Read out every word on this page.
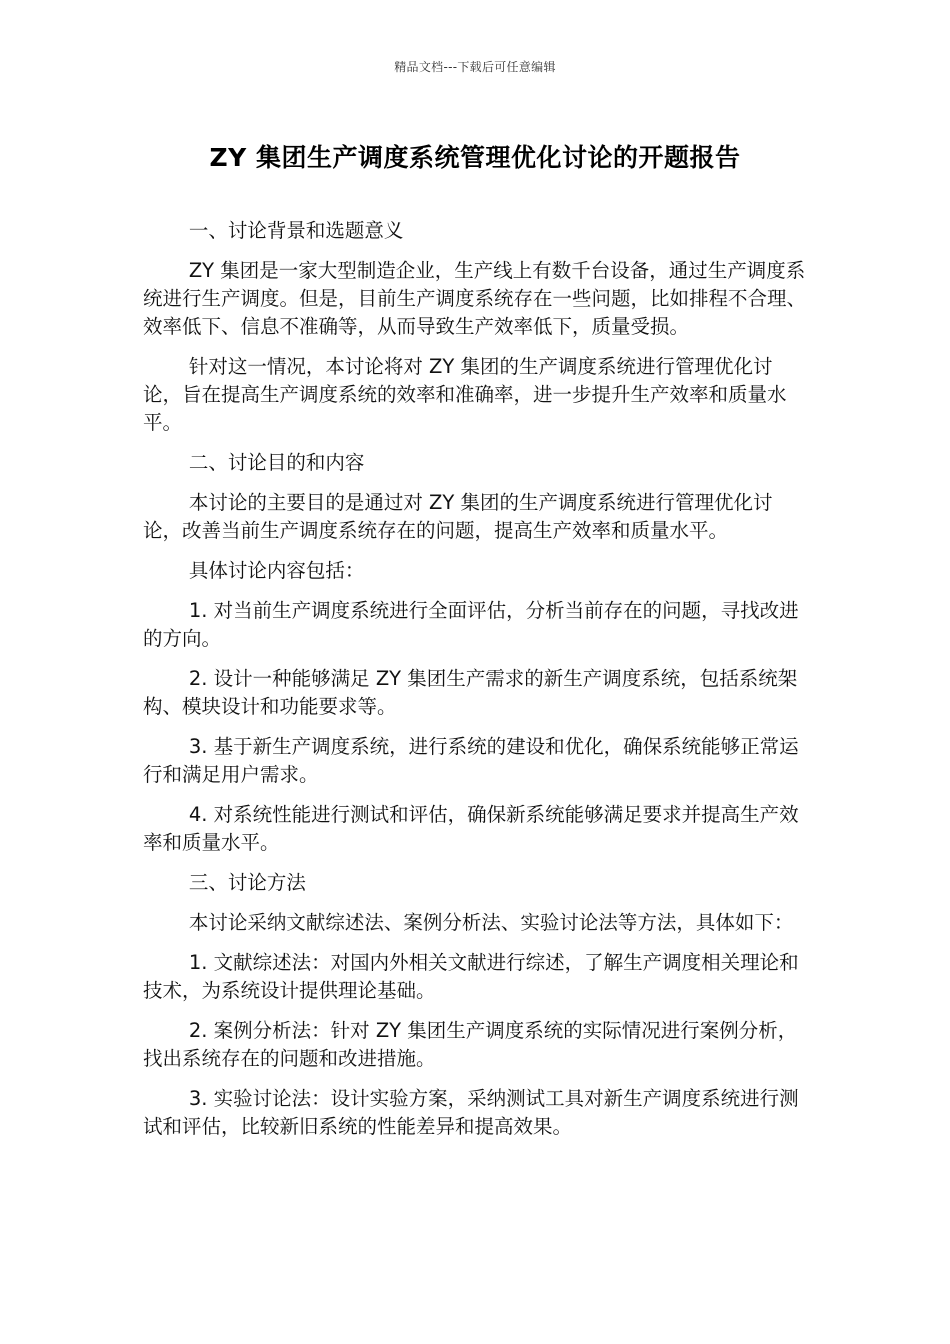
精品文档---下载后可任意编辑
ZY 集团生产调度系统管理优化讨论的开题报告

一、讨论背景和选题意义

ZY 集团是一家大型制造企业，生产线上有数千台设备，通过生产调度系统进行生产调度。但是，目前生产调度系统存在一些问题，比如排程不合理、效率低下、信息不准确等，从而导致生产效率低下，质量受损。

针对这一情况，本讨论将对 ZY 集团的生产调度系统进行管理优化讨论，旨在提高生产调度系统的效率和准确率，进一步提升生产效率和质量水平。

二、讨论目的和内容

本讨论的主要目的是通过对 ZY 集团的生产调度系统进行管理优化讨论，改善当前生产调度系统存在的问题，提高生产效率和质量水平。

具体讨论内容包括：

1. 对当前生产调度系统进行全面评估，分析当前存在的问题，寻找改进的方向。

2. 设计一种能够满足 ZY 集团生产需求的新生产调度系统，包括系统架构、模块设计和功能要求等。

3. 基于新生产调度系统，进行系统的建设和优化，确保系统能够正常运行和满足用户需求。

4. 对系统性能进行测试和评估，确保新系统能够满足要求并提高生产效率和质量水平。

三、讨论方法

本讨论采纳文献综述法、案例分析法、实验讨论法等方法，具体如下：

1. 文献综述法：对国内外相关文献进行综述，了解生产调度相关理论和技术，为系统设计提供理论基础。

2. 案例分析法：针对 ZY 集团生产调度系统的实际情况进行案例分析，找出系统存在的问题和改进措施。

3. 实验讨论法：设计实验方案，采纳测试工具对新生产调度系统进行测试和评估，比较新旧系统的性能差异和提高效果。
